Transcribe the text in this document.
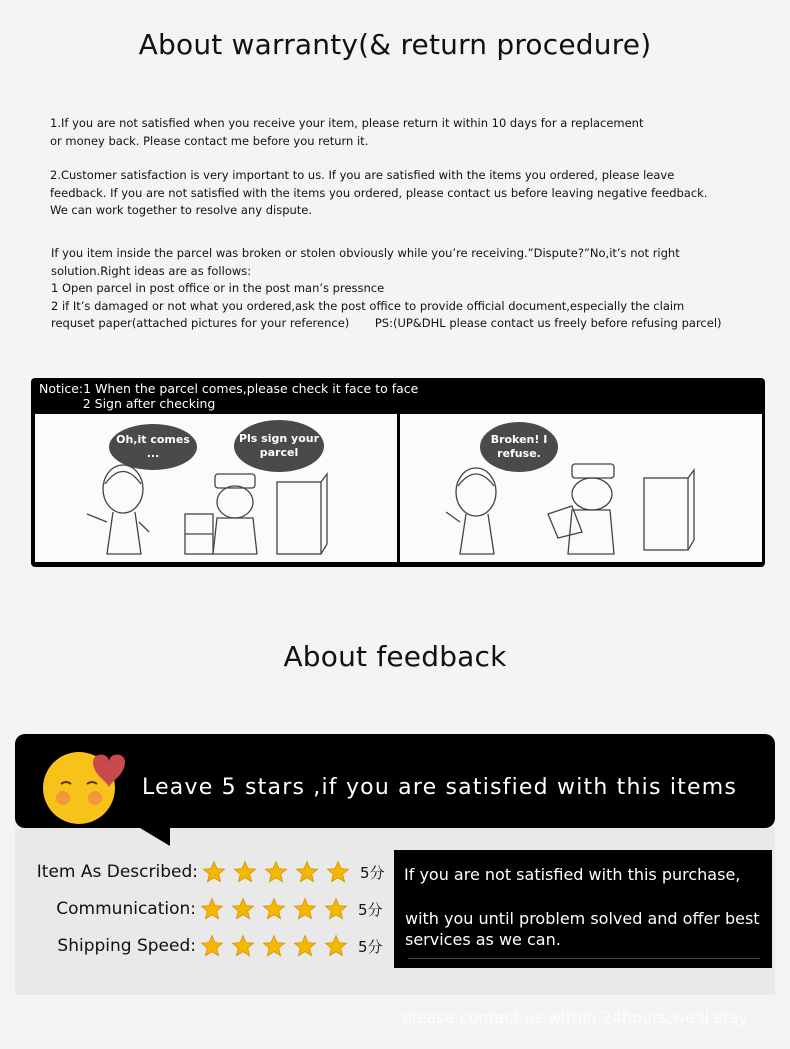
About warranty(& return procedure)
1.If you are not satisfied when you receive your item, please return it within 10 days for a replacement
or money back. Please contact me before you return it.
2.Customer satisfaction is very important to us. If you are satisfied with the items you ordered, please leave
feedback. If you are not satisfied with the items you ordered, please contact us before leaving negative feedback.
We can work together to resolve any dispute.
If you item inside the parcel was broken or stolen obviously while you’re receiving.”Dispute?”No,it’s not right
solution.Right ideas are as follows:
1 Open parcel in post office or in the post man’s pressnce
2 if It’s damaged or not what you ordered,ask the post office to provide official document,especially the claim
requset paper(attached pictures for your reference)       PS:(UP&DHL please contact us freely before refusing parcel)
Notice:1 When the parcel comes,please check it face to face
2 Sign after checking
Oh,it comes ...
Pls sign your parcel
Broken! I refuse.
About feedback
Leave 5 stars ,if you are satisfied with this items
Item As Described:	5分
Communication:	5分
Shipping Speed:	5分
If you are not satisfied with this purchase,
with you until problem solved and offer best
services as we can.
please contact us within 24hours,we’ll stay
